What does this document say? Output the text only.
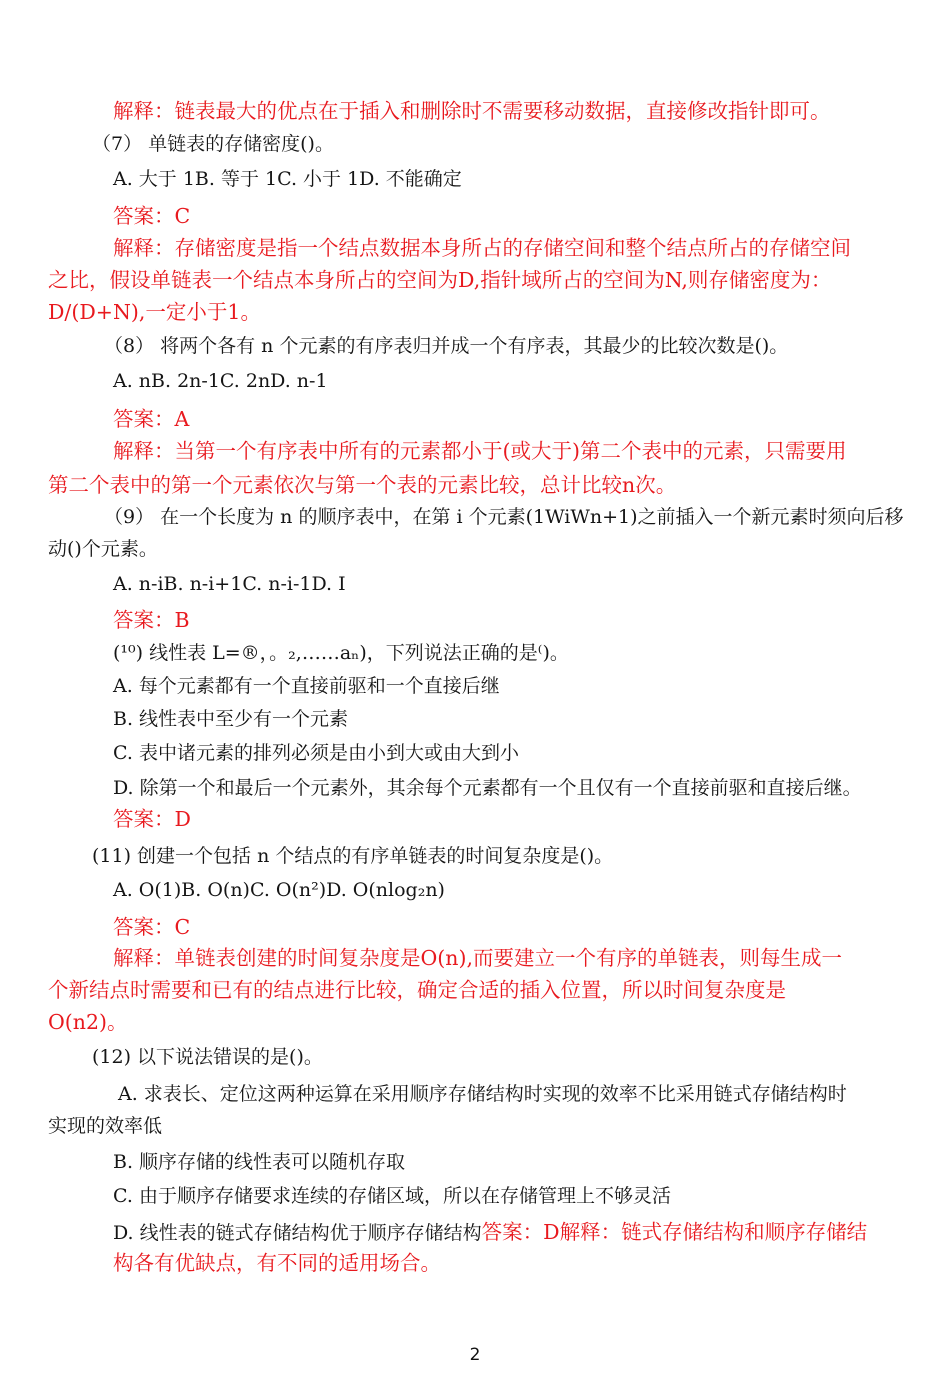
解释：链表最大的优点在于插入和删除时不需要移动数据，直接修改指针即可。
（7） 单链表的存储密度()。
A. 大于 1B. 等于 1C. 小于 1D. 不能确定
答案：C
解释：存储密度是指一个结点数据本身所占的存储空间和整个结点所占的存储空间
之比，假设单链表一个结点本身所占的空间为D,指针域所占的空间为N,则存储密度为：
D/(D+N),一定小于1。
（8） 将两个各有 n 个元素的有序表归并成一个有序表，其最少的比较次数是()。
A. nB. 2n-1C. 2nD. n-1
答案：A
解释：当第一个有序表中所有的元素都小于(或大于)第二个表中的元素，只需要用
第二个表中的第一个元素依次与第一个表的元素比较，总计比较n次。
（9） 在一个长度为 n 的顺序表中，在第 i 个元素(1WiWn+1)之前插入一个新元素时须向后移
动()个元素。
A. n-iB. n-i+1C. n-i-1D. I
答案：B
(¹⁰) 线性表 L=®，。₂,……aₙ)，下列说法正确的是⁽)。
A. 每个元素都有一个直接前驱和一个直接后继
B. 线性表中至少有一个元素
C. 表中诸元素的排列必须是由小到大或由大到小
D. 除第一个和最后一个元素外，其余每个元素都有一个且仅有一个直接前驱和直接后继。
答案：D
(11) 创建一个包括 n 个结点的有序单链表的时间复杂度是()。
A. O(1)B. O(n)C. O(n²)D. O(nlog₂n)
答案：C
解释：单链表创建的时间复杂度是O(n),而要建立一个有序的单链表，则每生成一
个新结点时需要和已有的结点进行比较，确定合适的插入位置，所以时间复杂度是
O(n2)。
(12) 以下说法错误的是()。
A. 求表长、定位这两种运算在采用顺序存储结构时实现的效率不比采用链式存储结构时
实现的效率低
B. 顺序存储的线性表可以随机存取
C. 由于顺序存储要求连续的存储区域，所以在存储管理上不够灵活
D. 线性表的链式存储结构优于顺序存储结构答案：D解释：链式存储结构和顺序存储结
构各有优缺点，有不同的适用场合。
2
